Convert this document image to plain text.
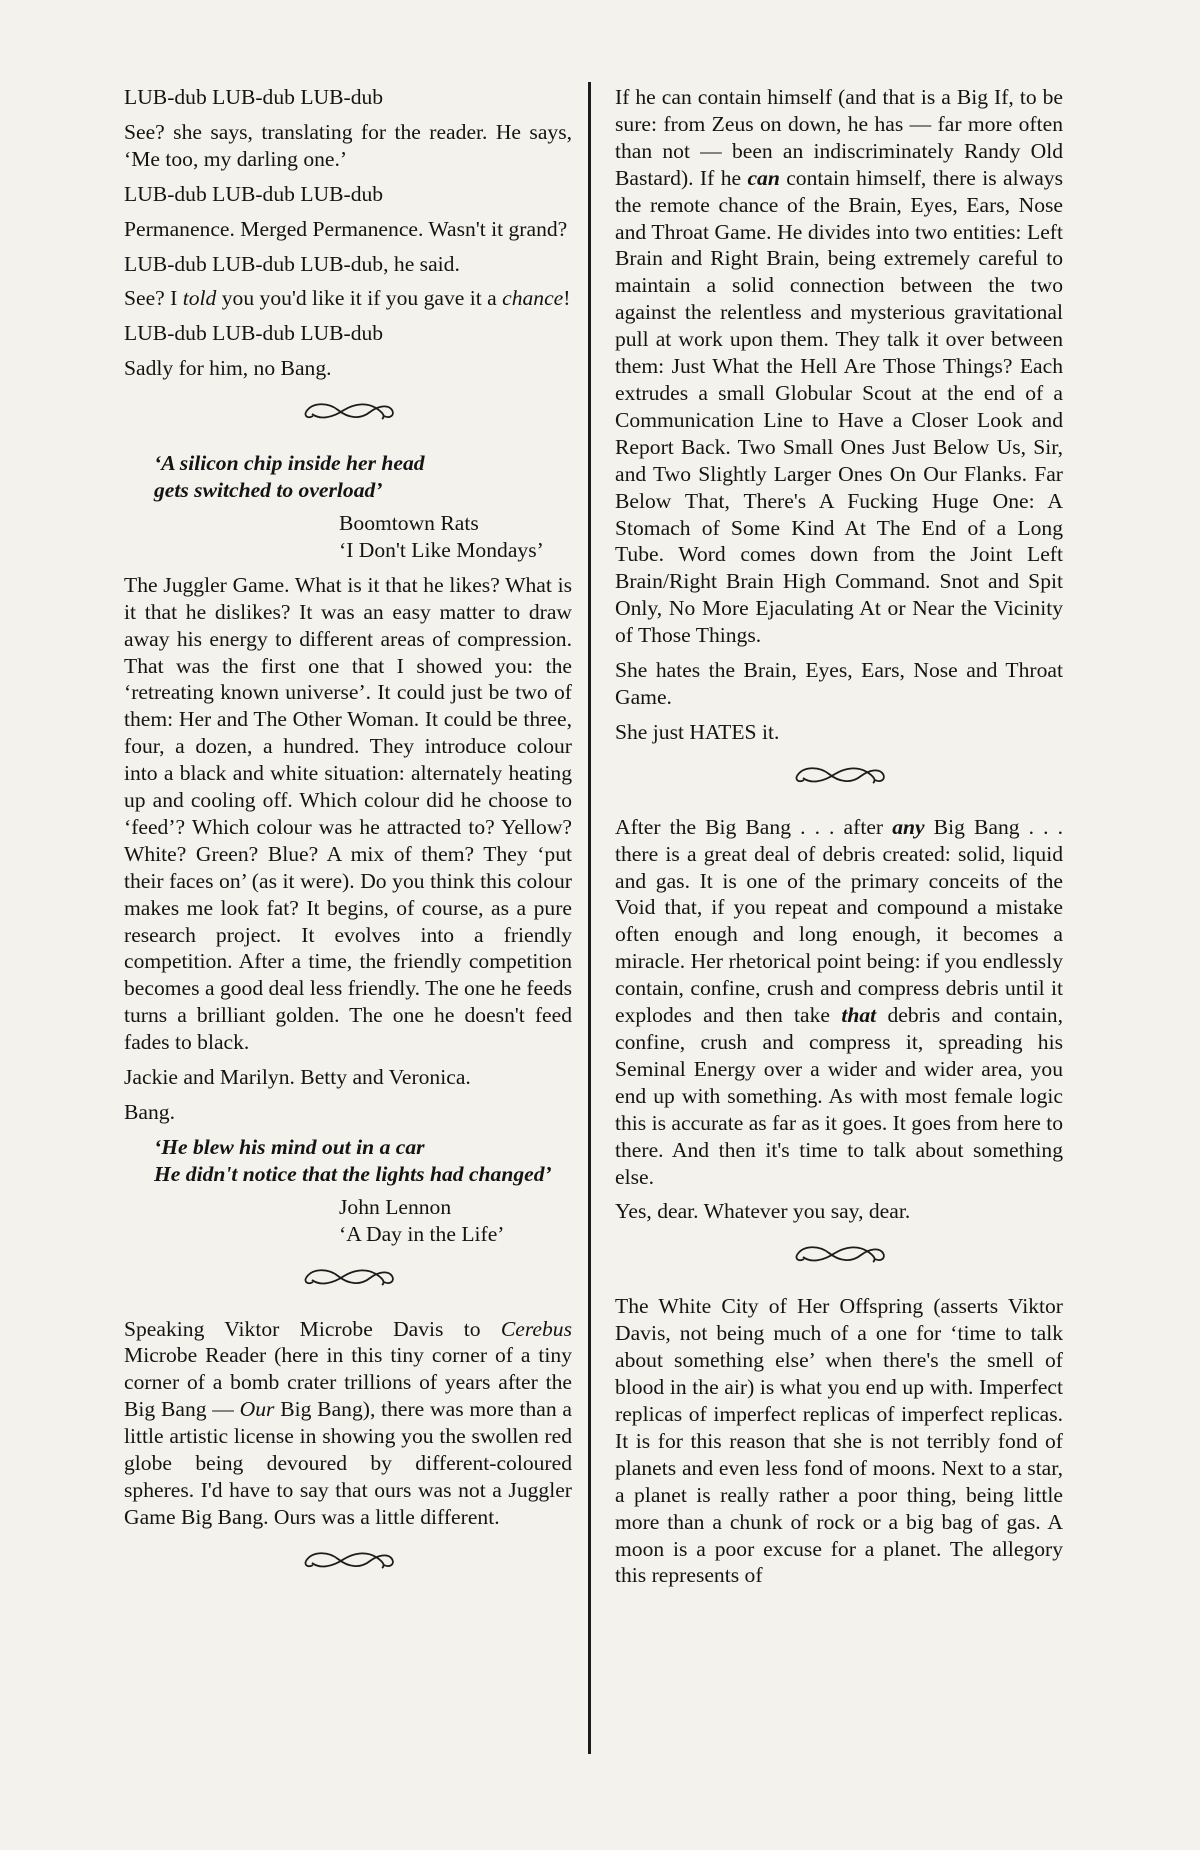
LUB-dub LUB-dub LUB-dub

See? she says, translating for the reader. He says, ‘Me too, my darling one.’

LUB-dub LUB-dub LUB-dub

Permanence. Merged Permanence. Wasn't it grand?

LUB-dub LUB-dub LUB-dub, he said.

See? I told you you'd like it if you gave it a chance!

LUB-dub LUB-dub LUB-dub

Sadly for him, no Bang.

‘A silicon chip inside her head
gets switched to overload’
Boomtown Rats
‘I Don't Like Mondays’

The Juggler Game. What is it that he likes? What is it that he dislikes? It was an easy matter to draw away his energy to different areas of compression. That was the first one that I showed you: the ‘retreating known universe’. It could just be two of them: Her and The Other Woman. It could be three, four, a dozen, a hundred. They introduce colour into a black and white situation: alternately heating up and cooling off. Which colour did he choose to ‘feed’? Which colour was he attracted to? Yellow? White? Green? Blue? A mix of them? They ‘put their faces on’ (as it were). Do you think this colour makes me look fat? It begins, of course, as a pure research project. It evolves into a friendly competition. After a time, the friendly competition becomes a good deal less friendly. The one he feeds turns a brilliant golden. The one he doesn't feed fades to black.

Jackie and Marilyn. Betty and Veronica.

Bang.

‘He blew his mind out in a car
He didn't notice that the lights had changed’
John Lennon
‘A Day in the Life’

Speaking Viktor Microbe Davis to Cerebus Microbe Reader (here in this tiny corner of a tiny corner of a bomb crater trillions of years after the Big Bang — Our Big Bang), there was more than a little artistic license in showing you the swollen red globe being devoured by different-coloured spheres. I'd have to say that ours was not a Juggler Game Big Bang. Ours was a little different.

If he can contain himself (and that is a Big If, to be sure: from Zeus on down, he has — far more often than not — been an indiscriminately Randy Old Bastard). If he can contain himself, there is always the remote chance of the Brain, Eyes, Ears, Nose and Throat Game. He divides into two entities: Left Brain and Right Brain, being extremely careful to maintain a solid connection between the two against the relentless and mysterious gravitational pull at work upon them. They talk it over between them: Just What the Hell Are Those Things? Each extrudes a small Globular Scout at the end of a Communication Line to Have a Closer Look and Report Back. Two Small Ones Just Below Us, Sir, and Two Slightly Larger Ones On Our Flanks. Far Below That, There's A Fucking Huge One: A Stomach of Some Kind At The End of a Long Tube. Word comes down from the Joint Left Brain/Right Brain High Command. Snot and Spit Only, No More Ejaculating At or Near the Vicinity of Those Things.

She hates the Brain, Eyes, Ears, Nose and Throat Game.

She just HATES it.

After the Big Bang . . . after any Big Bang . . . there is a great deal of debris created: solid, liquid and gas. It is one of the primary conceits of the Void that, if you repeat and compound a mistake often enough and long enough, it becomes a miracle. Her rhetorical point being: if you endlessly contain, confine, crush and compress debris until it explodes and then take that debris and contain, confine, crush and compress it, spreading his Seminal Energy over a wider and wider area, you end up with something. As with most female logic this is accurate as far as it goes. It goes from here to there. And then it's time to talk about something else.

Yes, dear. Whatever you say, dear.

The White City of Her Offspring (asserts Viktor Davis, not being much of a one for ‘time to talk about something else’ when there's the smell of blood in the air) is what you end up with. Imperfect replicas of imperfect replicas of imperfect replicas. It is for this reason that she is not terribly fond of planets and even less fond of moons. Next to a star, a planet is really rather a poor thing, being little more than a chunk of rock or a big bag of gas. A moon is a poor excuse for a planet. The allegory this represents of
